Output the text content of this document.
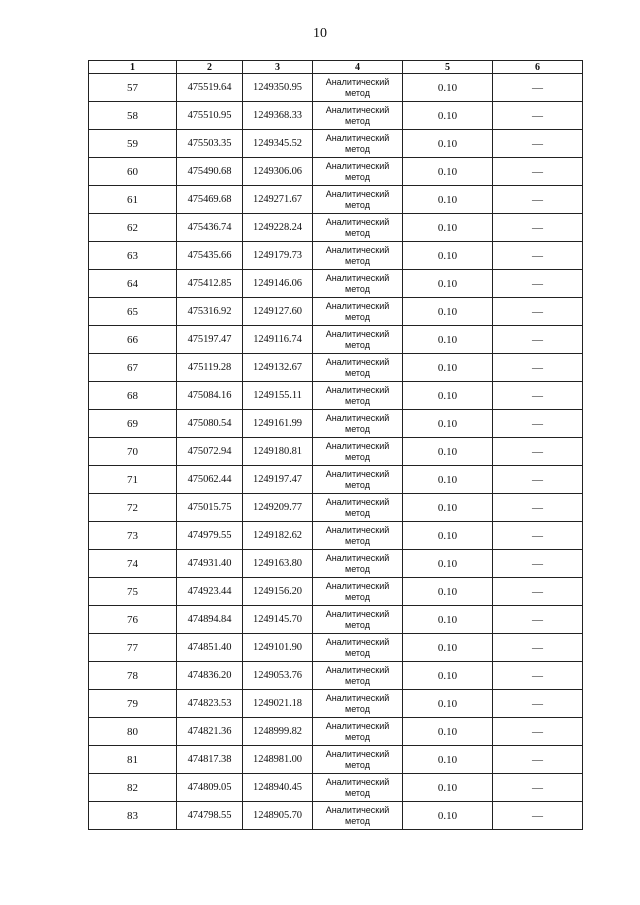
10
1	2	3	4	5	6
57	475519.64	1249350.95	Аналитический метод	0.10	—
58	475510.95	1249368.33	Аналитический метод	0.10	—
59	475503.35	1249345.52	Аналитический метод	0.10	—
60	475490.68	1249306.06	Аналитический метод	0.10	—
61	475469.68	1249271.67	Аналитический метод	0.10	—
62	475436.74	1249228.24	Аналитический метод	0.10	—
63	475435.66	1249179.73	Аналитический метод	0.10	—
64	475412.85	1249146.06	Аналитический метод	0.10	—
65	475316.92	1249127.60	Аналитический метод	0.10	—
66	475197.47	1249116.74	Аналитический метод	0.10	—
67	475119.28	1249132.67	Аналитический метод	0.10	—
68	475084.16	1249155.11	Аналитический метод	0.10	—
69	475080.54	1249161.99	Аналитический метод	0.10	—
70	475072.94	1249180.81	Аналитический метод	0.10	—
71	475062.44	1249197.47	Аналитический метод	0.10	—
72	475015.75	1249209.77	Аналитический метод	0.10	—
73	474979.55	1249182.62	Аналитический метод	0.10	—
74	474931.40	1249163.80	Аналитический метод	0.10	—
75	474923.44	1249156.20	Аналитический метод	0.10	—
76	474894.84	1249145.70	Аналитический метод	0.10	—
77	474851.40	1249101.90	Аналитический метод	0.10	—
78	474836.20	1249053.76	Аналитический метод	0.10	—
79	474823.53	1249021.18	Аналитический метод	0.10	—
80	474821.36	1248999.82	Аналитический метод	0.10	—
81	474817.38	1248981.00	Аналитический метод	0.10	—
82	474809.05	1248940.45	Аналитический метод	0.10	—
83	474798.55	1248905.70	Аналитический метод	0.10	—
